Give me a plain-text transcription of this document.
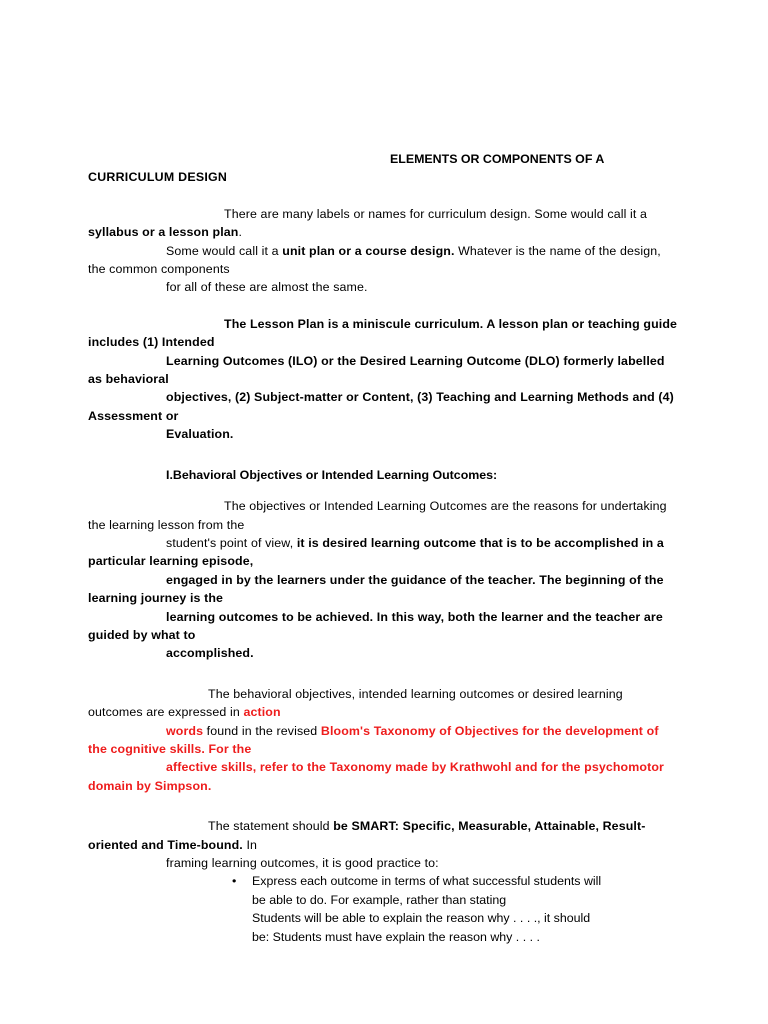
ELEMENTS OR COMPONENTS OF A

CURRICULUM DESIGN

There are many labels or names for curriculum design. Some would call it a syllabus or a lesson plan.
Some would call it a unit plan or a course design. Whatever is the name of the design, the common components
for all of these are almost the same.

The Lesson Plan is a miniscule curriculum. A lesson plan or teaching guide includes (1) Intended
Learning Outcomes (ILO) or the Desired Learning Outcome (DLO) formerly labelled as behavioral
objectives, (2) Subject-matter or Content, (3) Teaching and Learning Methods and (4) Assessment or
Evaluation.

I.Behavioral Objectives or Intended Learning Outcomes:

The objectives or Intended Learning Outcomes are the reasons for undertaking the learning lesson from the
student's point of view, it is desired learning outcome that is to be accomplished in a particular learning episode,
engaged in by the learners under the guidance of the teacher. The beginning of the learning journey is the
learning outcomes to be achieved. In this way, both the learner and the teacher are guided by what to
accomplished.

The behavioral objectives, intended learning outcomes or desired learning outcomes are expressed in action
words found in the revised Bloom's Taxonomy of Objectives for the development of the cognitive skills. For the
affective skills, refer to the Taxonomy made by Krathwohl and for the psychomotor domain by Simpson.

The statement should be SMART: Specific, Measurable, Attainable, Result-oriented and Time-bound. In
framing learning outcomes, it is good practice to:

• Express each outcome in terms of what successful students will
be able to do. For example, rather than stating
Students will be able to explain the reason why . . . ., it should
be: Students must have explain the reason why . . . .
